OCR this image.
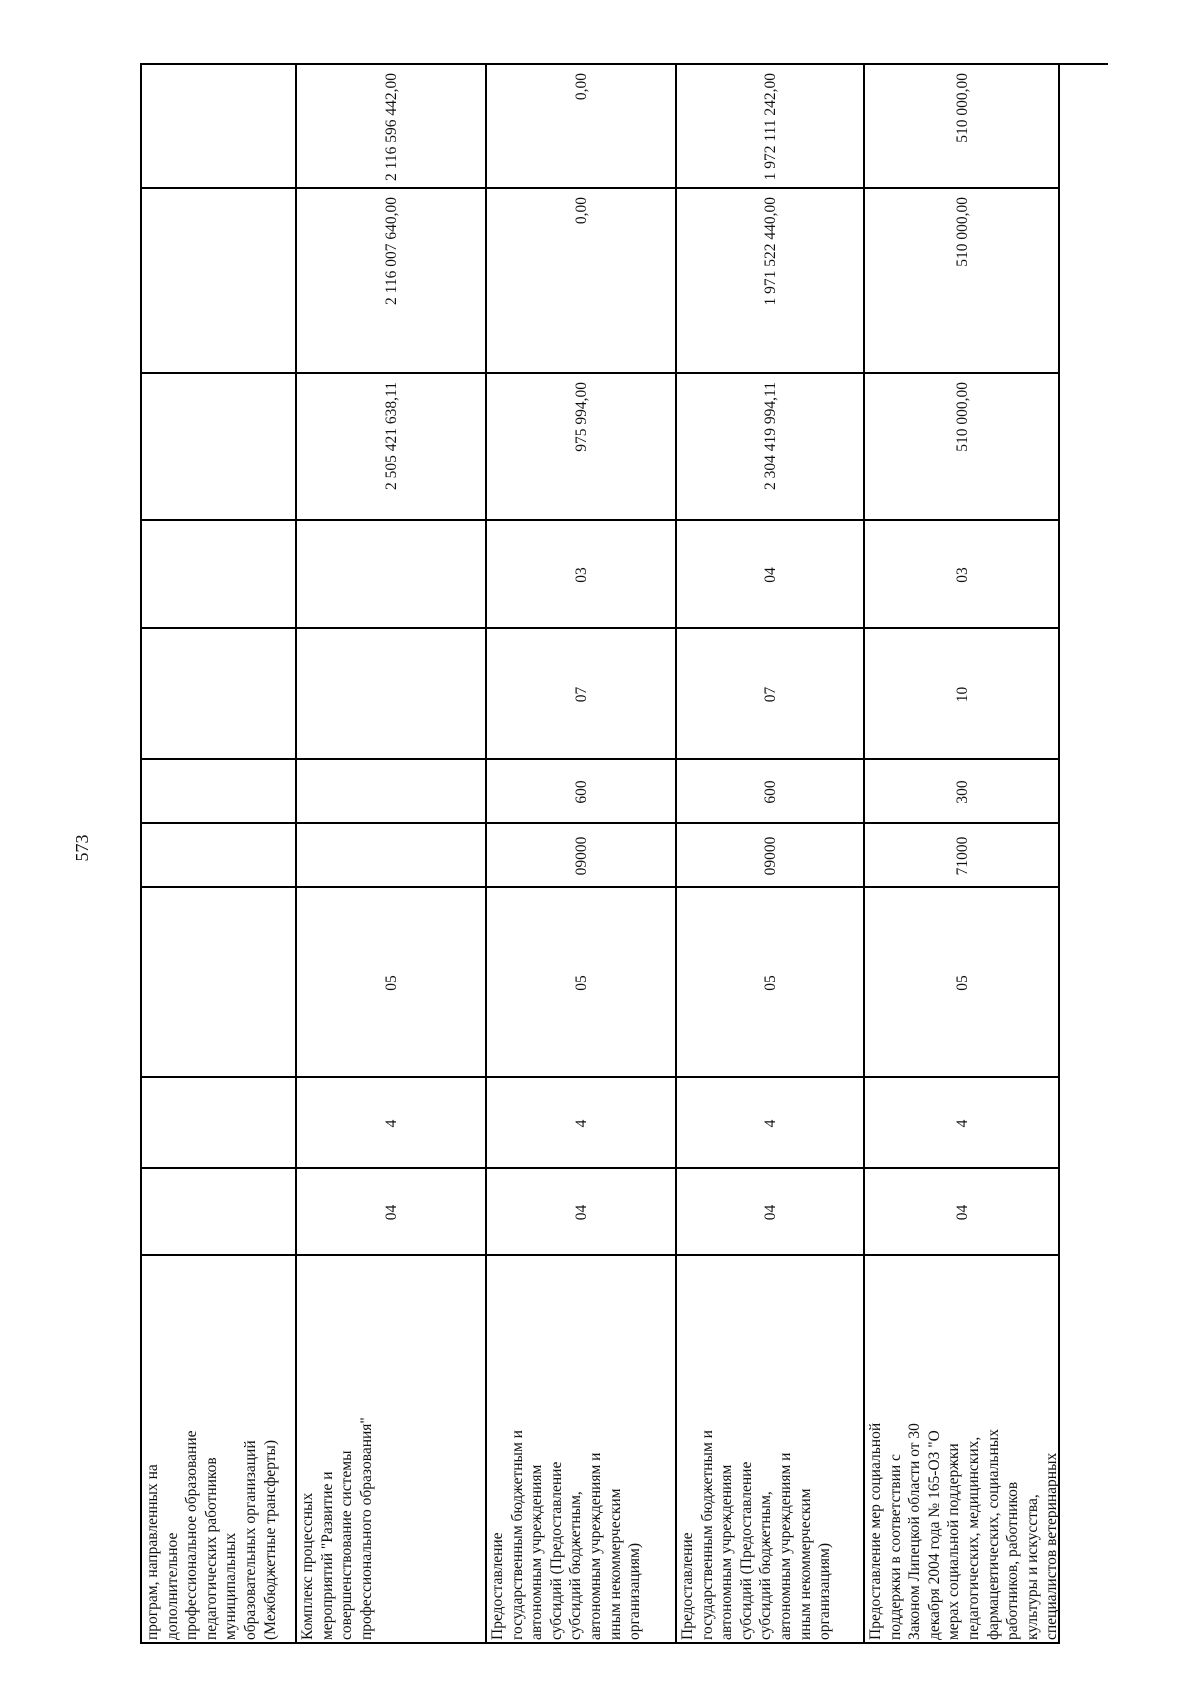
573
програм, направленных на
дополнительное
профессиональное образование
педагогических работников
муниципальных
образовательных организаций
(Межбюджетные трансферты)
2 116 596 442,00
2 116 007 640,00
2 505 421 638,11
05
4
04
Комплекс процессных
мероприятий "Развитие и
совершенствование системы
профессионального образования"
0,00
0,00
975 994,00
03
07
600
09000
05
4
04
Предоставление
государственным бюджетным и
автономным учреждениям
субсидий (Предоставление
субсидий бюджетным,
автономным учреждениям и
иным некоммерческим
организациям)
1 972 111 242,00
1 971 522 440,00
2 304 419 994,11
04
07
600
09000
05
4
04
Предоставление
государственным бюджетным и
автономным учреждениям
субсидий (Предоставление
субсидий бюджетным,
автономным учреждениям и
иным некоммерческим
организациям)
510 000,00
510 000,00
510 000,00
03
10
300
71000
05
4
04
Предоставление мер социальной
поддержки в соответствии с
Законом Липецкой области от 30
декабря 2004 года № 165-ОЗ "О
мерах социальной поддержки
педагогических, медицинских,
фармацевтических, социальных
работников, работников
культуры и искусства,
специалистов ветеринарных
